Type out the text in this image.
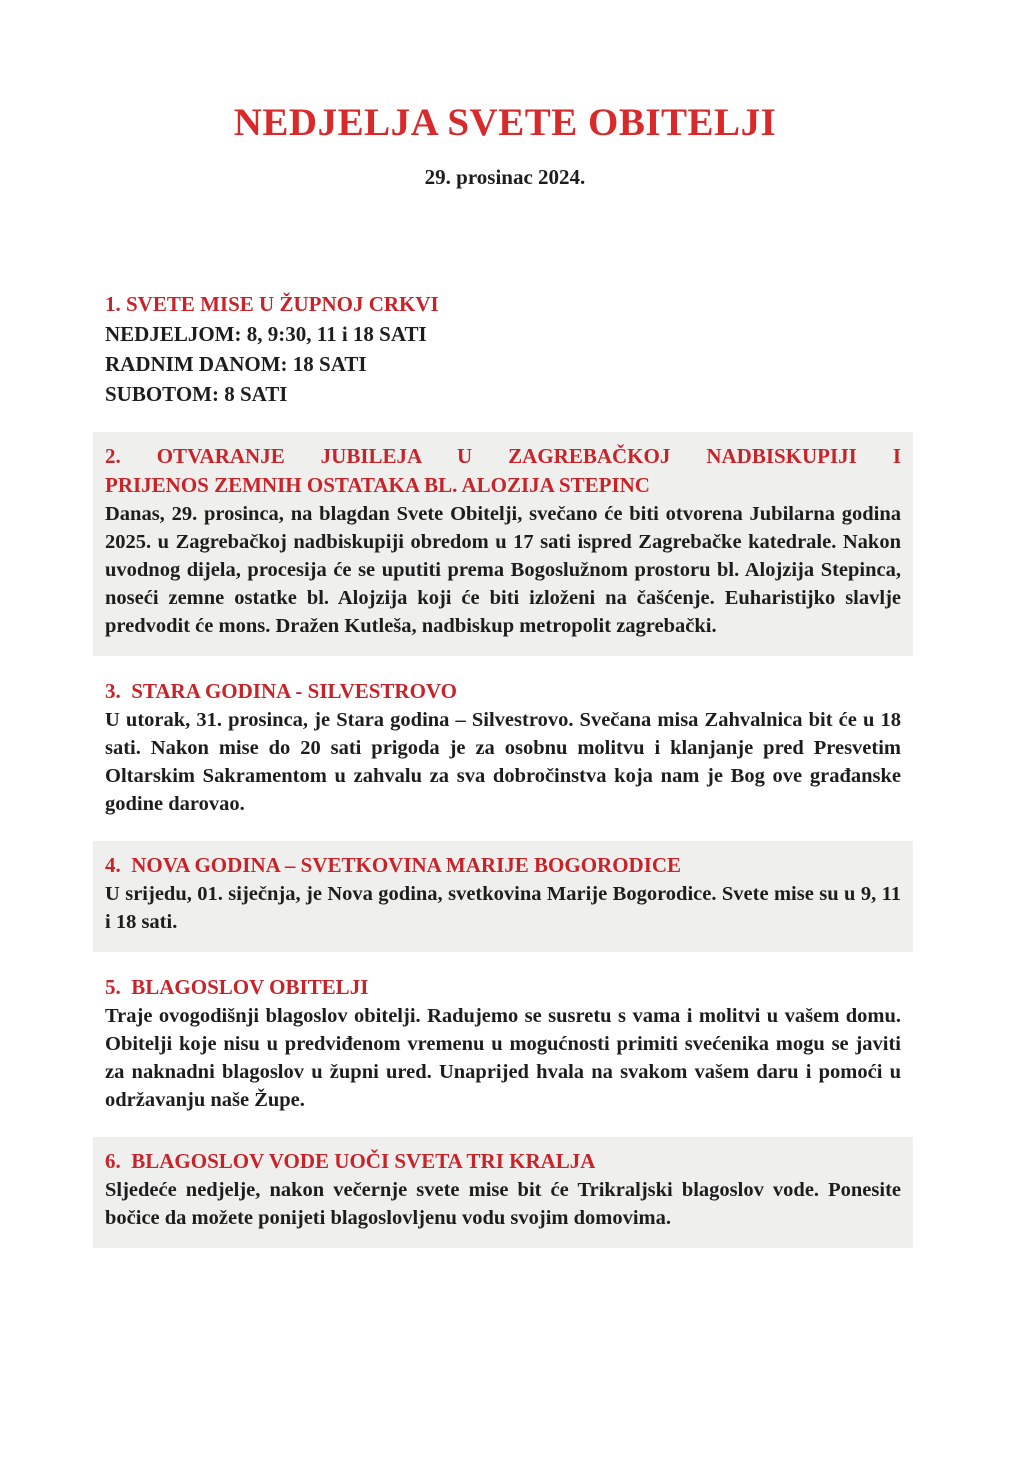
NEDJELJA SVETE OBITELJI
29. prosinac 2024.
1. SVETE MISE U ŽUPNOJ CRKVI
NEDJELJOM: 8, 9:30, 11 i 18 SATI
RADNIM DANOM: 18 SATI
SUBOTOM: 8 SATI
2. OTVARANJE JUBILEJA U ZAGREBAČKOJ NADBISKUPIJI I
PRIJENOS ZEMNIH OSTATAKA BL. ALOZIJA STEPINC

Danas, 29. prosinca, na blagdan Svete Obitelji, svečano će biti otvorena Jubilarna godina 2025. u Zagrebačkoj nadbiskupiji obredom u 17 sati ispred Zagrebačke katedrale. Nakon uvodnog dijela, procesija će se uputiti prema Bogoslužnom prostoru bl. Alojzija Stepinca, noseći zemne ostatke bl. Alojzija koji će biti izloženi na čašćenje. Euharistijko slavlje predvodit će mons. Dražen Kutleša, nadbiskup metropolit zagrebački.

3.  STARA GODINA - SILVESTROVO

U utorak, 31. prosinca, je Stara godina – Silvestrovo. Svečana misa Zahvalnica bit će u 18 sati. Nakon mise do 20 sati prigoda je za osobnu molitvu i klanjanje pred Presvetim Oltarskim Sakramentom u zahvalu za sva dobročinstva koja nam je Bog ove građanske godine darovao.

4.  NOVA GODINA – SVETKOVINA MARIJE BOGORODICE

U srijedu, 01. siječnja, je Nova godina, svetkovina Marije Bogorodice. Svete mise su u 9, 11 i 18 sati.

5.  BLAGOSLOV OBITELJI

Traje ovogodišnji blagoslov obitelji. Radujemo se susretu s vama i molitvi u vašem domu. Obitelji koje nisu u predviđenom vremenu u mogućnosti primiti svećenika mogu se javiti za naknadni blagoslov u župni ured. Unaprijed hvala na svakom vašem daru i pomoći u održavanju naše Župe.

6.  BLAGOSLOV VODE UOČI SVETA TRI KRALJA

Sljedeće nedjelje, nakon večernje svete mise bit će Trikraljski blagoslov vode. Ponesite bočice da možete ponijeti blagoslovljenu vodu svojim domovima.
